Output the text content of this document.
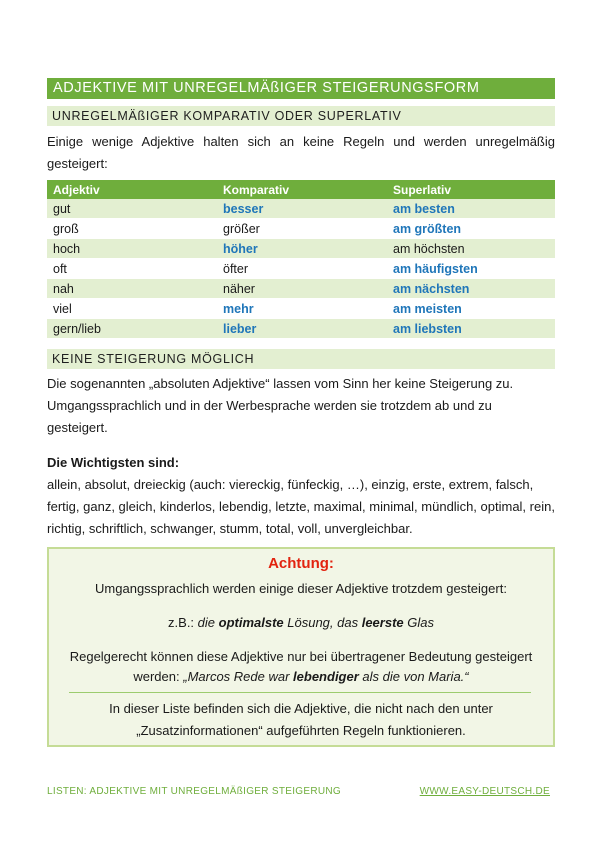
ADJEKTIVE MIT UNREGELMÄßIGER STEIGERUNGSFORM
UNREGELMÄßIGER KOMPARATIV ODER SUPERLATIV
Einige wenige Adjektive halten sich an keine Regeln und werden unregelmäßig gesteigert:
Adjektiv	Komparativ	Superlativ
gut	besser	am besten
groß	größer	am größten
hoch	höher	am höchsten
oft	öfter	am häufigsten
nah	näher	am nächsten
viel	mehr	am meisten
gern/lieb	lieber	am liebsten
KEINE STEIGERUNG MÖGLICH
Die sogenannten „absoluten Adjektive“ lassen vom Sinn her keine Steigerung zu. Umgangssprachlich und in der Werbesprache werden sie trotzdem ab und zu gesteigert.
Die Wichtigsten sind:
allein, absolut, dreieckig (auch: viereckig, fünfeckig, …), einzig, erste, extrem, falsch, fertig, ganz, gleich, kinderlos, lebendig, letzte, maximal, minimal, mündlich, optimal, rein, richtig, schriftlich, schwanger, stumm, total, voll, unvergleichbar.
Achtung:
Umgangssprachlich werden einige dieser Adjektive trotzdem gesteigert:
z.B.: die optimalste Lösung, das leerste Glas
Regelgerecht können diese Adjektive nur bei übertragener Bedeutung gesteigert
werden: „Marcos Rede war lebendiger als die von Maria.“
In dieser Liste befinden sich die Adjektive, die nicht nach den unter
„Zusatzinformationen“ aufgeführten Regeln funktionieren.
LISTEN: ADJEKTIVE MIT UNREGELMÄßIGER STEIGERUNG	WWW.EASY-DEUTSCH.DE
